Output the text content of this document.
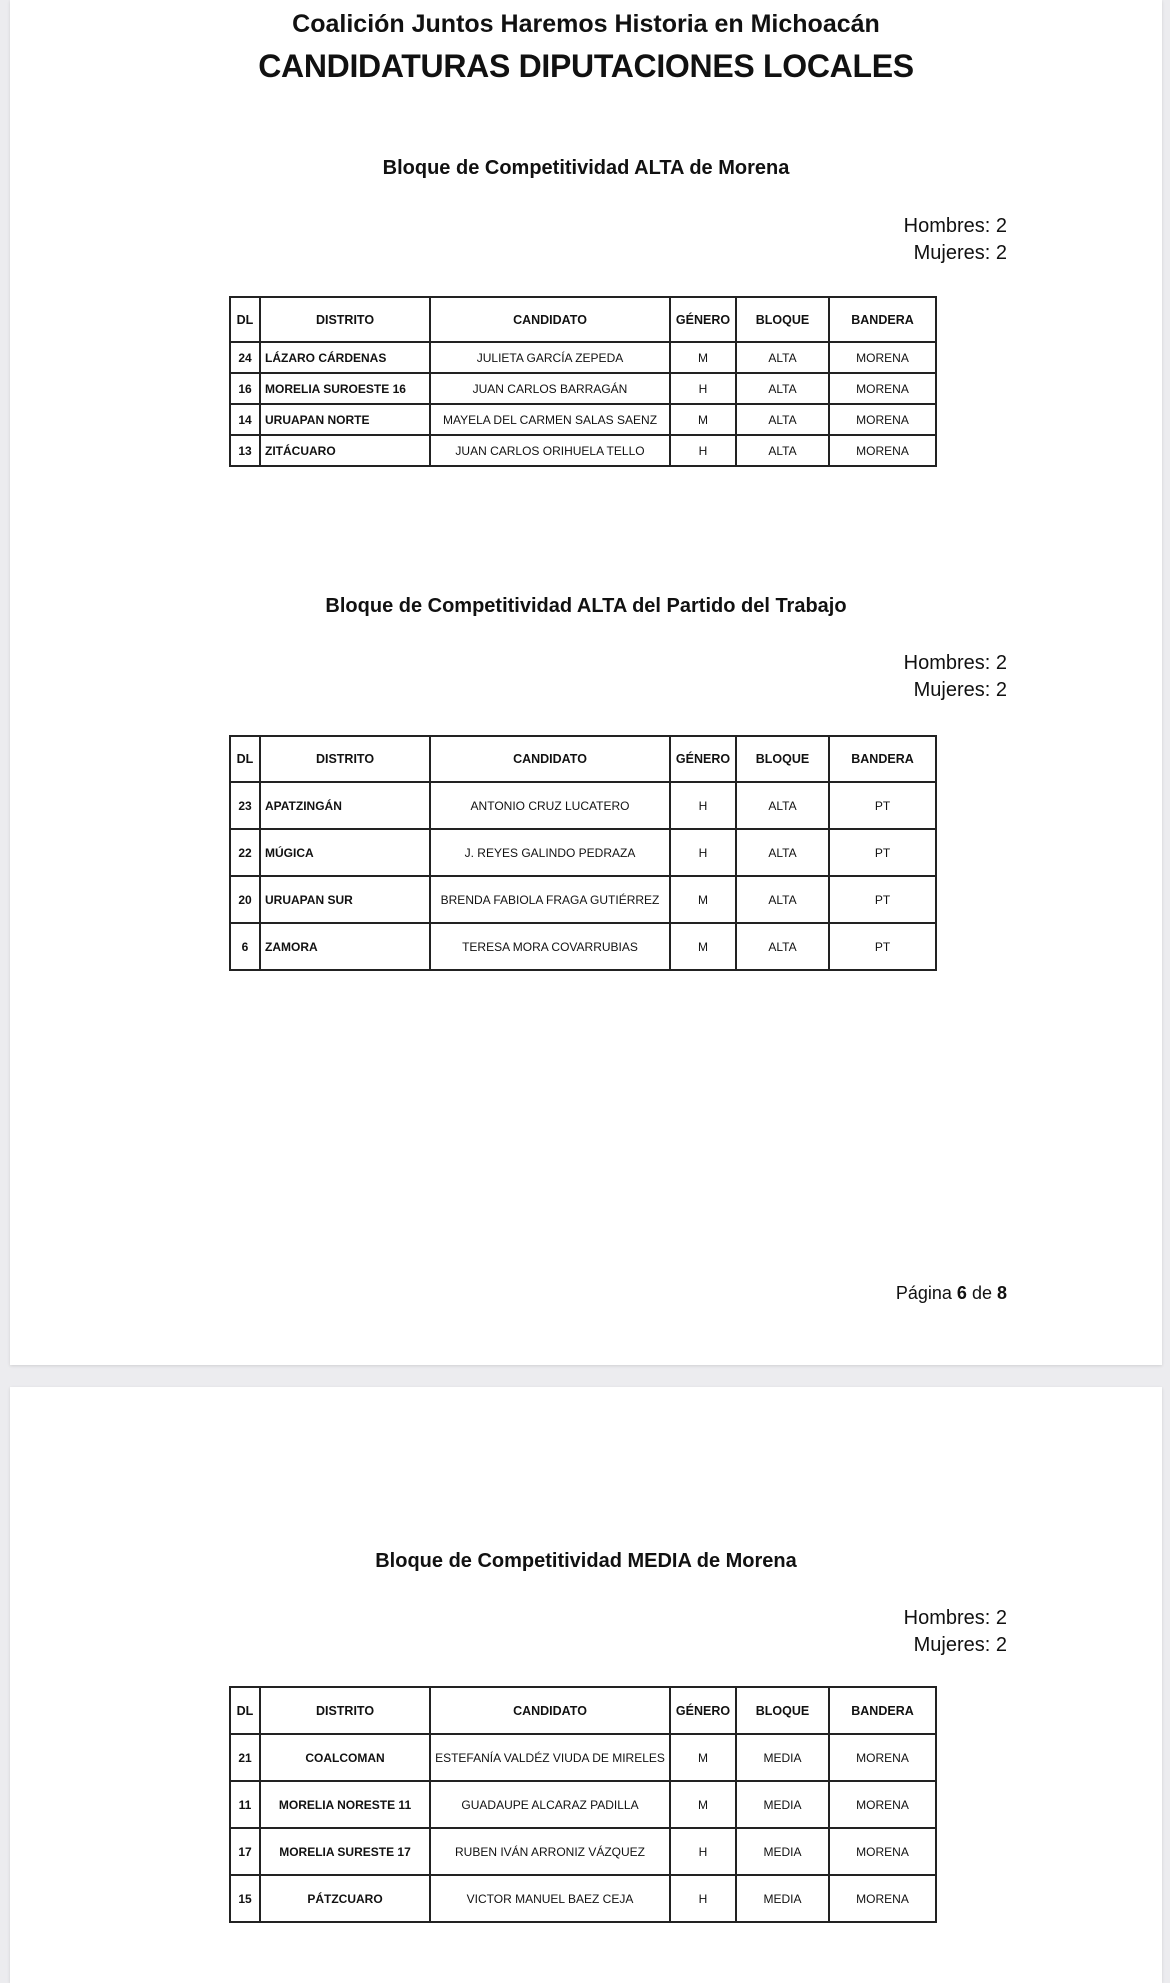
Coalición Juntos Haremos Historia en Michoacán
CANDIDATURAS DIPUTACIONES LOCALES
Bloque de Competitividad ALTA de Morena
Hombres: 2
Mujeres: 2
DL	DISTRITO	CANDIDATO	GÉNERO	BLOQUE	BANDERA
24	LÁZARO CÁRDENAS	JULIETA GARCÍA ZEPEDA	M	ALTA	MORENA
16	MORELIA SUROESTE 16	JUAN CARLOS BARRAGÁN	H	ALTA	MORENA
14	URUAPAN NORTE	MAYELA DEL CARMEN SALAS SAENZ	M	ALTA	MORENA
13	ZITÁCUARO	JUAN CARLOS ORIHUELA TELLO	H	ALTA	MORENA
Bloque de Competitividad ALTA del Partido del Trabajo
Hombres: 2
Mujeres: 2
DL	DISTRITO	CANDIDATO	GÉNERO	BLOQUE	BANDERA
23	APATZINGÁN	ANTONIO CRUZ LUCATERO	H	ALTA	PT
22	MÚGICA	J. REYES GALINDO PEDRAZA	H	ALTA	PT
20	URUAPAN SUR	BRENDA FABIOLA FRAGA GUTIÉRREZ	M	ALTA	PT
6	ZAMORA	TERESA MORA COVARRUBIAS	M	ALTA	PT
Página 6 de 8
Bloque de Competitividad MEDIA de Morena
Hombres: 2
Mujeres: 2
DL	DISTRITO	CANDIDATO	GÉNERO	BLOQUE	BANDERA
21	COALCOMAN	ESTEFANÍA VALDÉZ VIUDA DE MIRELES	M	MEDIA	MORENA
11	MORELIA NORESTE 11	GUADAUPE ALCARAZ PADILLA	M	MEDIA	MORENA
17	MORELIA SURESTE 17	RUBEN IVÁN ARRONIZ VÁZQUEZ	H	MEDIA	MORENA
15	PÁTZCUARO	VICTOR MANUEL BAEZ CEJA	H	MEDIA	MORENA
